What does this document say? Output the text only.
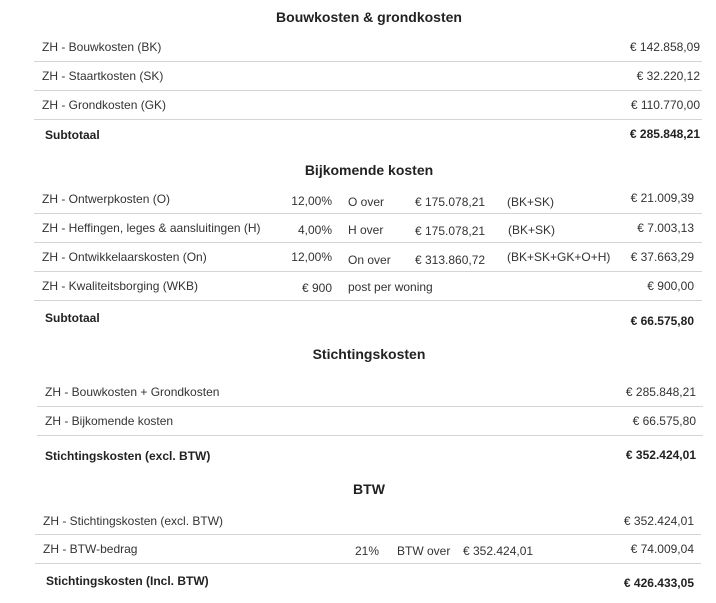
Bouwkosten & grondkosten
ZH - Bouwkosten (BK)	€ 142.858,09
ZH - Staartkosten (SK)	€ 32.220,12
ZH - Grondkosten (GK)	€ 110.770,00
Subtotaal	€ 285.848,21
Bijkomende kosten
ZH - Ontwerpkosten (O)	12,00% O over	€ 175.078,21 (BK+SK)	€ 21.009,39
ZH - Heffingen, leges & aansluitingen (H)	4,00% H over	€ 175.078,21 (BK+SK)	€ 7.003,13
ZH - Ontwikkelaarskosten (On)	12,00% On over € 313.860,72 (BK+SK+GK+O+H) € 37.663,29
ZH - Kwaliteitsborging (WKB)	€ 900 post per woning	€ 900,00
Subtotaal	€ 66.575,80
Stichtingskosten
ZH - Bouwkosten + Grondkosten	€ 285.848,21
ZH - Bijkomende kosten	€ 66.575,80
Stichtingskosten (excl. BTW)	€ 352.424,01
BTW
ZH - Stichtingskosten (excl. BTW)	€ 352.424,01
ZH - BTW-bedrag	21% BTW over € 352.424,01	€ 74.009,04
Stichtingskosten (Incl. BTW)	€ 426.433,05
